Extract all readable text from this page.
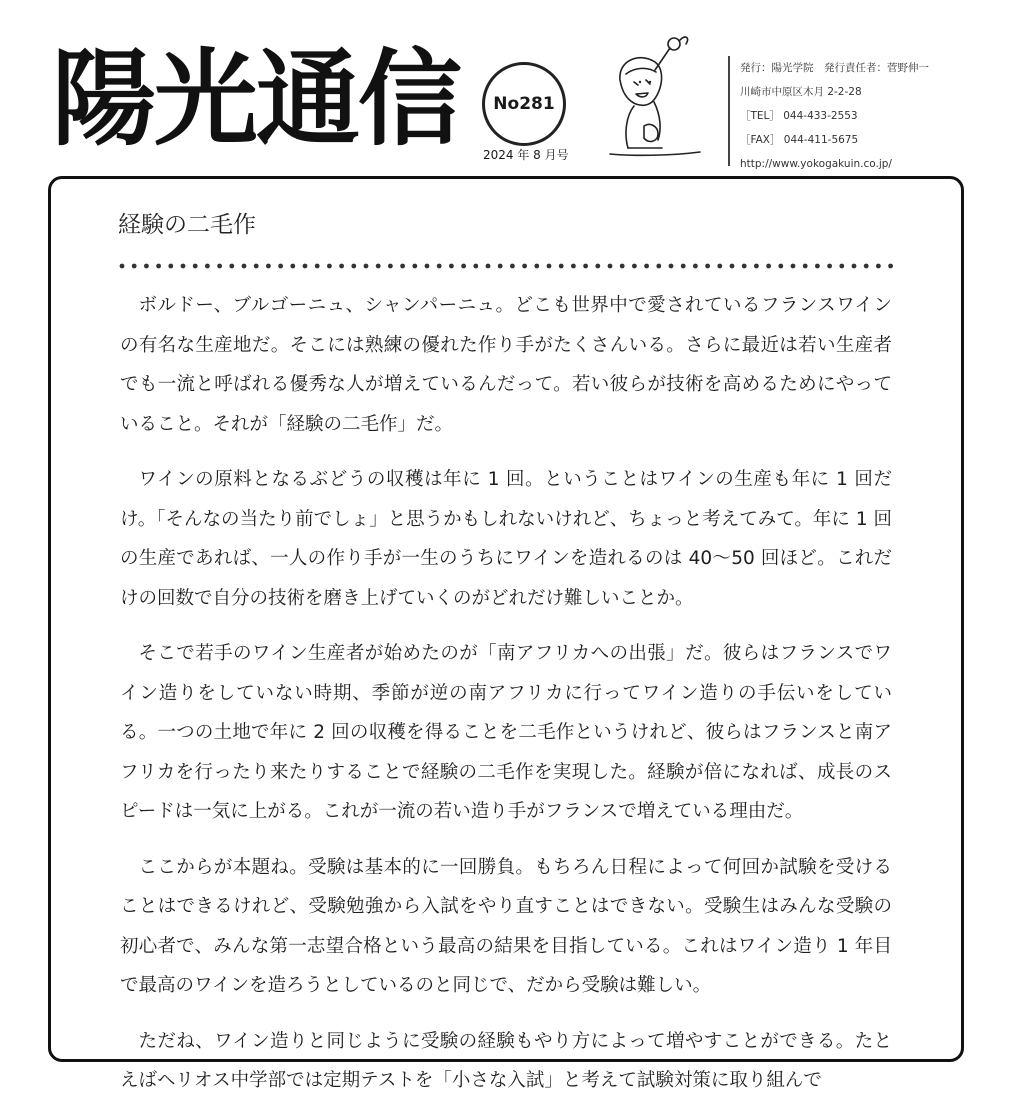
陽光通信 No281
2024 年 8 月号
発行：陽光学院　発行責任者：菅野伸一
川崎市中原区木月 2-2-28
［TEL］ 044-433-2553
［FAX］ 044-411-5675
http://www.yokogakuin.co.jp/
経験の二毛作

ボルドー、ブルゴーニュ、シャンパーニュ。どこも世界中で愛されているフランスワインの有名な生産地だ。そこには熟練の優れた作り手がたくさんいる。さらに最近は若い生産者でも一流と呼ばれる優秀な人が増えているんだって。若い彼らが技術を高めるためにやっていること。それが「経験の二毛作」だ。

ワインの原料となるぶどうの収穫は年に 1 回。ということはワインの生産も年に 1 回だけ。「そんなの当たり前でしょ」と思うかもしれないけれど、ちょっと考えてみて。年に 1 回の生産であれば、一人の作り手が一生のうちにワインを造れるのは 40〜50 回ほど。これだけの回数で自分の技術を磨き上げていくのがどれだけ難しいことか。

そこで若手のワイン生産者が始めたのが「南アフリカへの出張」だ。彼らはフランスでワイン造りをしていない時期、季節が逆の南アフリカに行ってワイン造りの手伝いをしている。一つの土地で年に 2 回の収穫を得ることを二毛作というけれど、彼らはフランスと南アフリカを行ったり来たりすることで経験の二毛作を実現した。経験が倍になれば、成長のスピードは一気に上がる。これが一流の若い造り手がフランスで増えている理由だ。

ここからが本題ね。受験は基本的に一回勝負。もちろん日程によって何回か試験を受けることはできるけれど、受験勉強から入試をやり直すことはできない。受験生はみんな受験の初心者で、みんな第一志望合格という最高の結果を目指している。これはワイン造り 1 年目で最高のワインを造ろうとしているのと同じで、だから受験は難しい。

ただね、ワイン造りと同じように受験の経験もやり方によって増やすことができる。たとえばヘリオス中学部では定期テストを「小さな入試」と考えて試験対策に取り組んで
